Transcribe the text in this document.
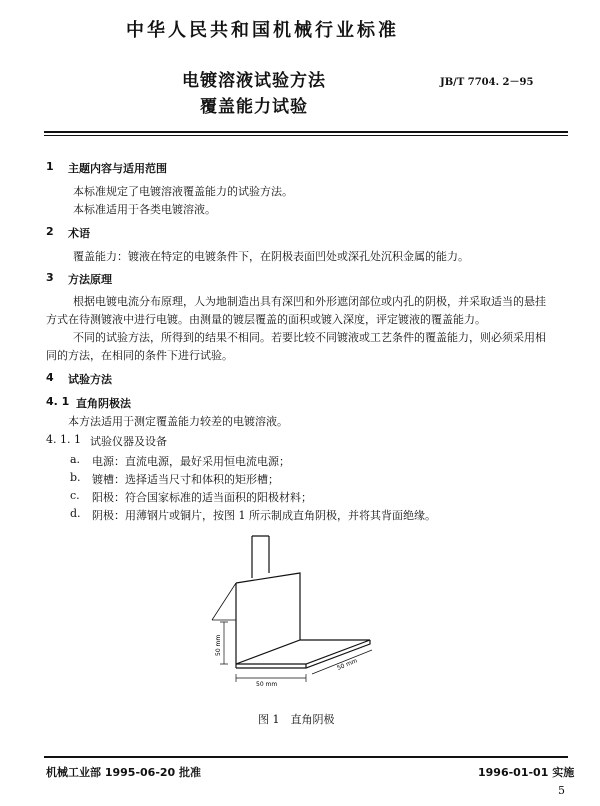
中华人民共和国机械行业标准
电镀溶液试验方法
覆盖能力试验
JB/T 7704. 2－95
1 主题内容与适用范围
本标准规定了电镀溶液覆盖能力的试验方法。
本标准适用于各类电镀溶液。
2 术语
覆盖能力：镀液在特定的电镀条件下，在阴极表面凹处或深孔处沉积金属的能力。
3 方法原理
根据电镀电流分布原理，人为地制造出具有深凹和外形遮闭部位或内孔的阴极，并采取适当的悬挂
方式在待测镀液中进行电镀。由测量的镀层覆盖的面积或镀入深度，评定镀液的覆盖能力。
不同的试验方法，所得到的结果不相同。若要比较不同镀液或工艺条件的覆盖能力，则必须采用相
同的方法，在相同的条件下进行试验。
4 试验方法
4. 1 直角阴极法
本方法适用于测定覆盖能力较差的电镀溶液。
4. 1. 1 试验仪器及设备
a. 电源：直流电源，最好采用恒电流电源；
b. 镀槽：选择适当尺寸和体积的矩形槽；
c. 阳极：符合国家标准的适当面积的阳极材料；
d. 阴极：用薄钢片或铜片，按图 1 所示制成直角阴极，并将其背面绝缘。
50 mm
50 mm
50 mm
图 1　直角阴极
机械工业部 1995-06-20 批准	1996-01-01 实施
5
